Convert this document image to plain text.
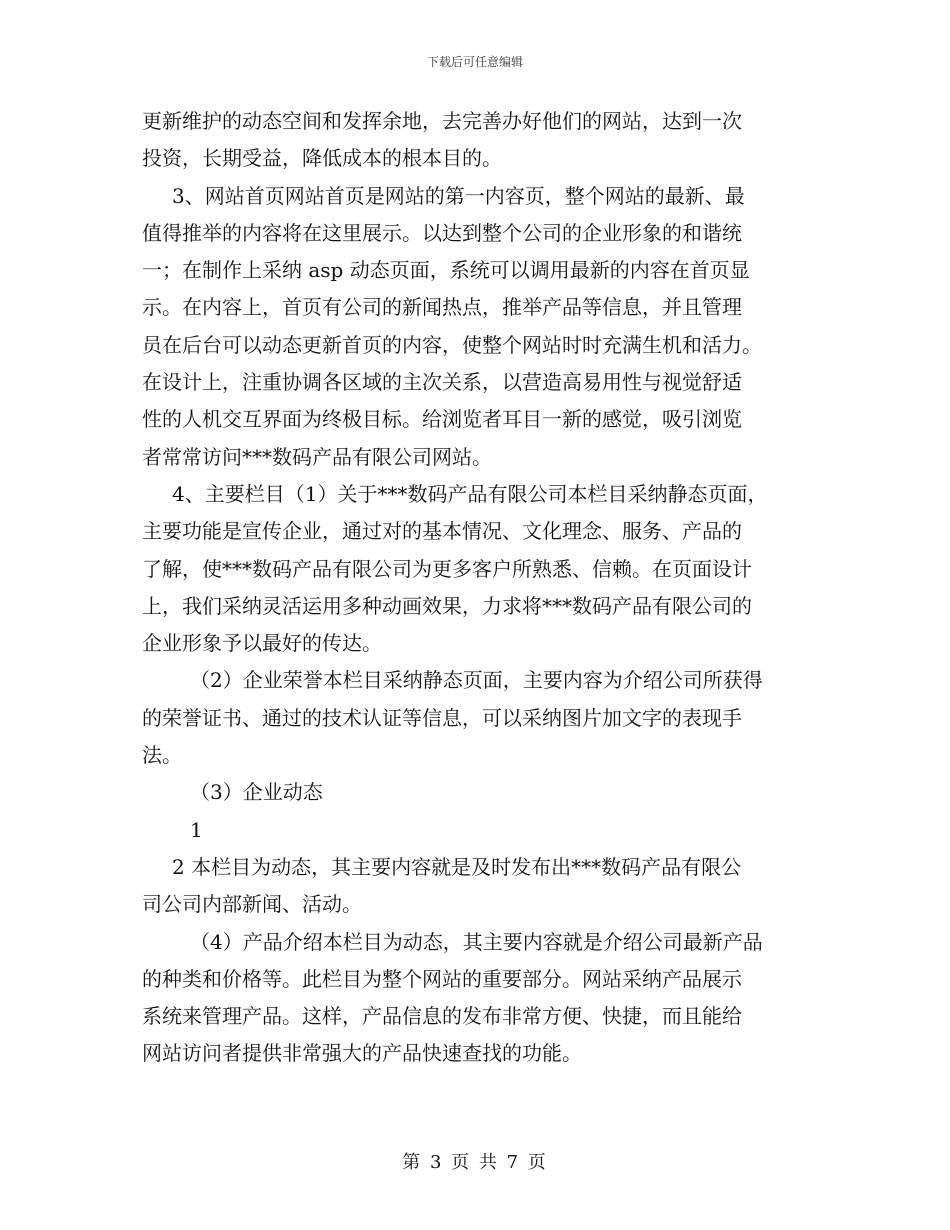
下载后可任意编辑
更新维护的动态空间和发挥余地，去完善办好他们的网站，达到一次
投资，长期受益，降低成本的根本目的。
3、网站首页网站首页是网站的第一内容页，整个网站的最新、最
值得推举的内容将在这里展示。以达到整个公司的企业形象的和谐统
一；在制作上采纳 asp 动态页面，系统可以调用最新的内容在首页显
示。在内容上，首页有公司的新闻热点，推举产品等信息，并且管理
员在后台可以动态更新首页的内容，使整个网站时时充满生机和活力。
在设计上，注重协调各区域的主次关系，以营造高易用性与视觉舒适
性的人机交互界面为终极目标。给浏览者耳目一新的感觉，吸引浏览
者常常访问***数码产品有限公司网站。
4、主要栏目（1）关于***数码产品有限公司本栏目采纳静态页面，
主要功能是宣传企业，通过对的基本情况、文化理念、服务、产品的
了解，使***数码产品有限公司为更多客户所熟悉、信赖。在页面设计
上，我们采纳灵活运用多种动画效果，力求将***数码产品有限公司的
企业形象予以最好的传达。
（2）企业荣誉本栏目采纳静态页面，主要内容为介绍公司所获得
的荣誉证书、通过的技术认证等信息，可以采纳图片加文字的表现手
法。
（3）企业动态
1
2 本栏目为动态，其主要内容就是及时发布出***数码产品有限公
司公司内部新闻、活动。
（4）产品介绍本栏目为动态，其主要内容就是介绍公司最新产品
的种类和价格等。此栏目为整个网站的重要部分。网站采纳产品展示
系统来管理产品。这样，产品信息的发布非常方便、快捷，而且能给
网站访问者提供非常强大的产品快速查找的功能。
第 3 页 共 7 页
